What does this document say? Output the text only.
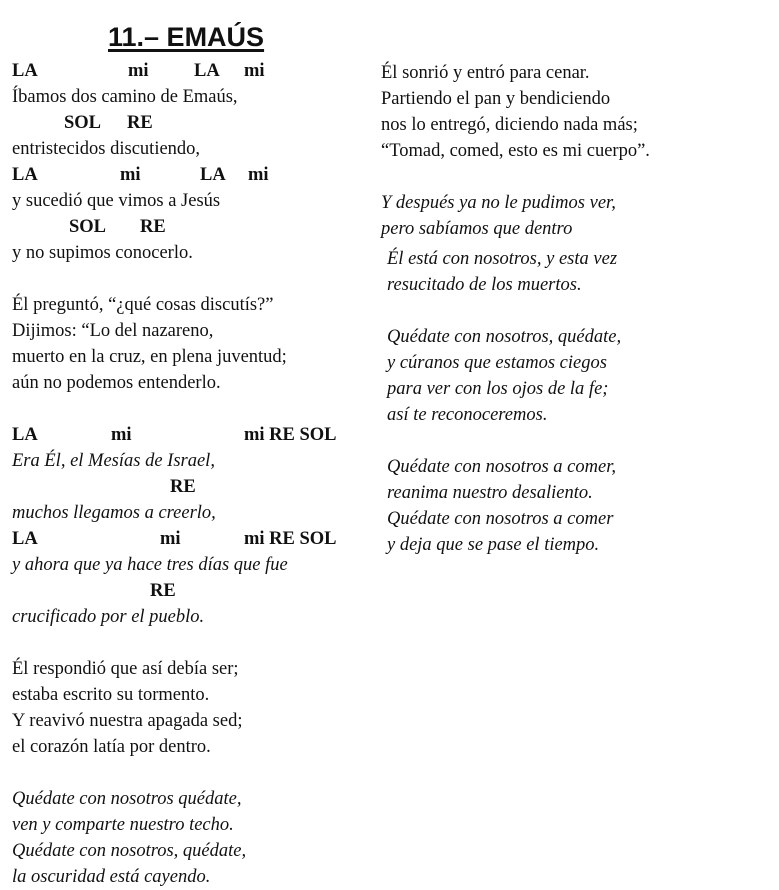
11.– EMAÚS

LA

	mi

LA

mi

Íbamos dos camino de Emaús,

SOL

RE

entristecidos discutiendo,

LA

	mi

	LA

mi

y sucedió que vimos a Jesús

SOL

RE

y no supimos conocerlo.
Él preguntó, “¿qué cosas discutís?”
Dijimos: “Lo del nazareno,
muerto en la cruz, en plena juventud;
aún no podemos entenderlo.

LA

	mi

	mi RE SOL

Era Él, el Mesías de Israel,

RE

muchos llegamos a creerlo,

LA

	mi

	mi RE SOL

y ahora que ya hace tres días que fue

RE

crucificado por el pueblo.
Él respondió que así debía ser;
estaba escrito su tormento.
Y reavivó nuestra apagada sed;
el corazón latía por dentro.
Quédate con nosotros quédate,
ven y comparte nuestro techo.
Quédate con nosotros, quédate,
la oscuridad está cayendo.
Él sonrió y entró para cenar.
Partiendo el pan y bendiciendo
nos lo entregó, diciendo nada más;
“Tomad, comed, esto es mi cuerpo”.
Y después ya no le pudimos ver,
pero sabíamos que dentro
Él está con nosotros, y esta vez
resucitado de los muertos.
Quédate con nosotros, quédate,
y cúranos que estamos ciegos
para ver con los ojos de la fe;
así te reconoceremos.
Quédate con nosotros a comer,
reanima nuestro desaliento.
Quédate con nosotros a comer
y deja que se pase el tiempo.
